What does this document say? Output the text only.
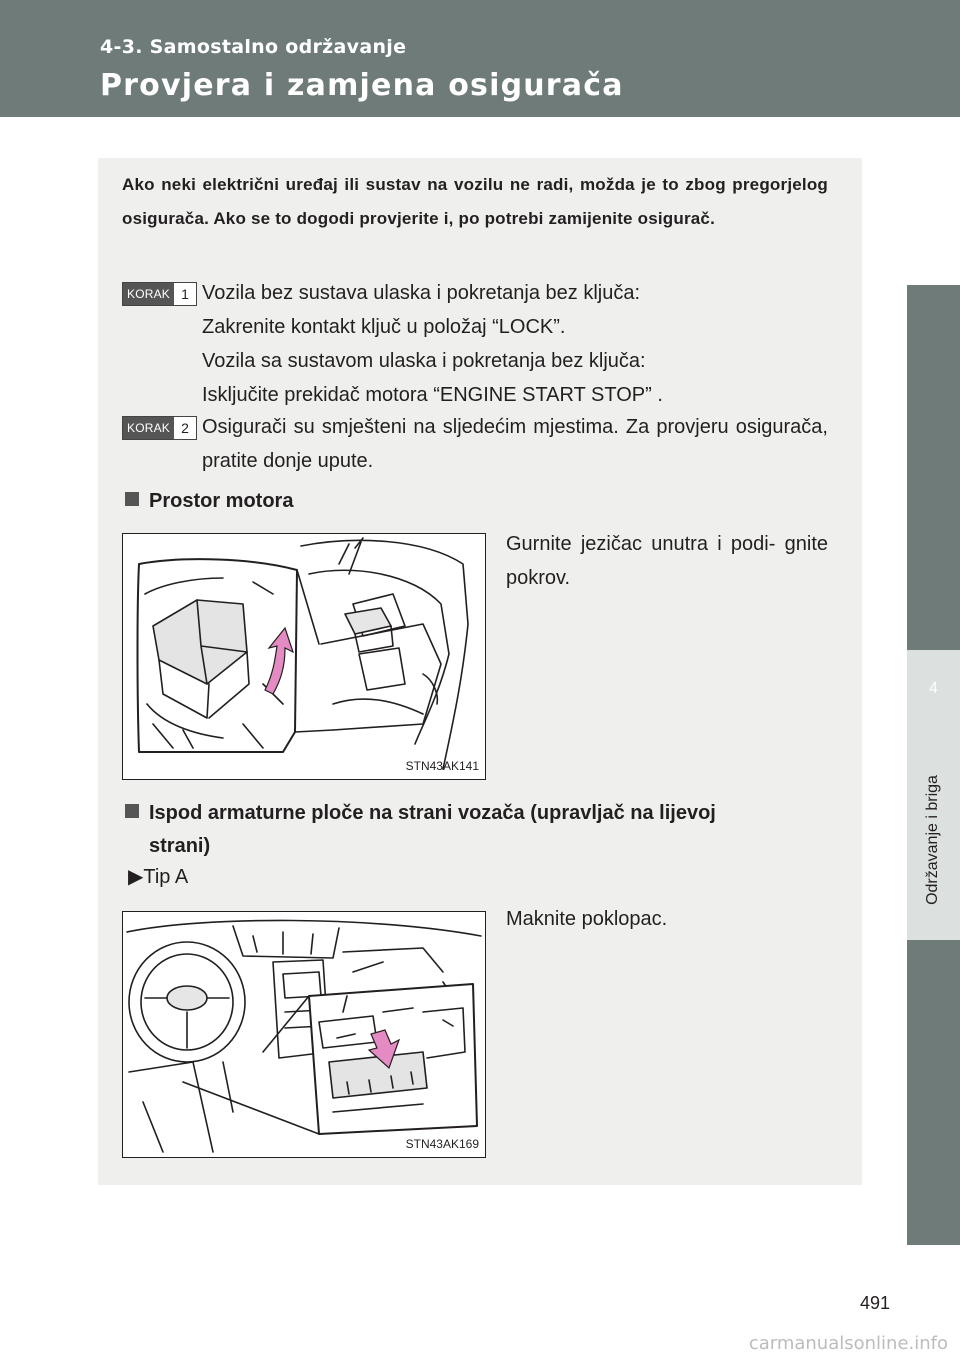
4-3. Samostalno održavanje
Provjera i zamjena osigurača
4
Održavanje i briga
Ako neki električni uređaj ili sustav na vozilu ne radi, možda je to zbog pregorjelog osigurača. Ako se to dogodi provjerite i, po potrebi zamijenite osigurač.
KORAK 1 Vozila bez sustava ulaska i pokretanja bez ključa:
Zakrenite kontakt ključ u položaj “LOCK”.
Vozila sa sustavom ulaska i pokretanja bez ključa:
Isključite prekidač motora “ENGINE START STOP” .
KORAK 2 Osigurači su smješteni na sljedećim mjestima. Za provjeru osigurača, pratite donje upute.
Prostor motora
STN43AK141
Gurnite jezičac unutra i podi- gnite pokrov.
Ispod armaturne ploče na strani vozača (upravljač na lijevoj
strani)
▶Tip A
STN43AK169
Maknite poklopac.
491
carmanualsonline.info
